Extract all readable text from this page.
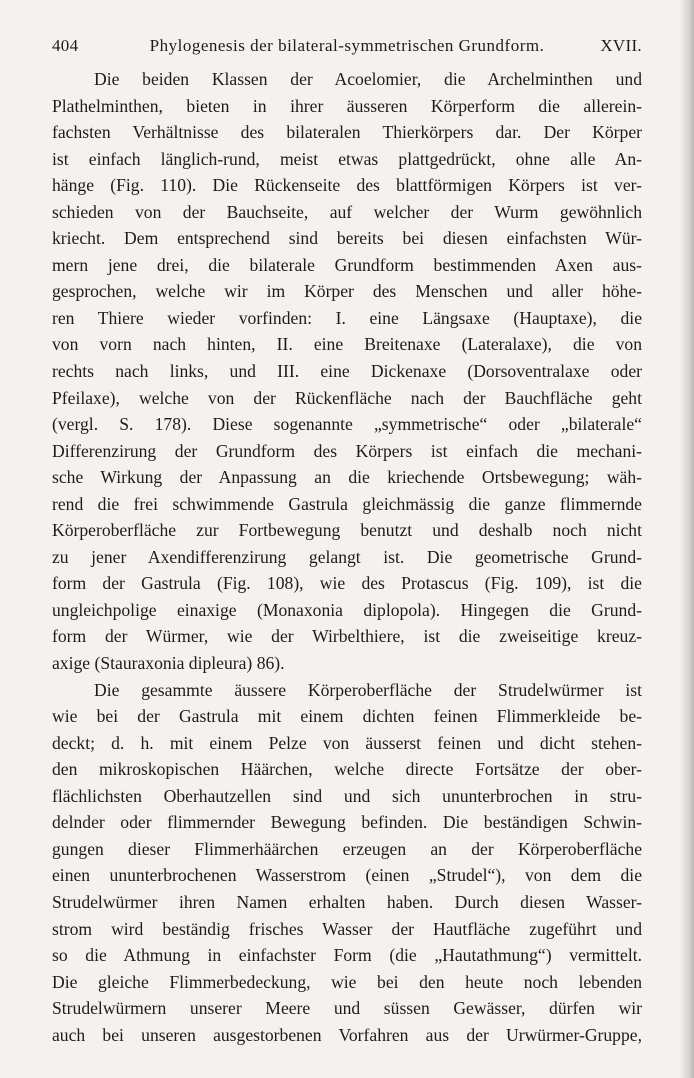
404	Phylogenesis der bilateral-symmetrischen Grundform.	XVII.
Die beiden Klassen der Acoelomier, die Archelminthen und
Plathelminthen, bieten in ihrer äusseren Körperform die allerein-
fachsten Verhältnisse des bilateralen Thierkörpers dar. Der Körper
ist einfach länglich-rund, meist etwas plattgedrückt, ohne alle An-
hänge (Fig. 110). Die Rückenseite des blattförmigen Körpers ist ver-
schieden von der Bauchseite, auf welcher der Wurm gewöhnlich
kriecht. Dem entsprechend sind bereits bei diesen einfachsten Wür-
mern jene drei, die bilaterale Grundform bestimmenden Axen aus-
gesprochen, welche wir im Körper des Menschen und aller höhe-
ren Thiere wieder vorfinden: I. eine Längsaxe (Hauptaxe), die
von vorn nach hinten, II. eine Breitenaxe (Lateralaxe), die von
rechts nach links, und III. eine Dickenaxe (Dorsoventralaxe oder
Pfeilaxe), welche von der Rückenfläche nach der Bauchfläche geht
(vergl. S. 178). Diese sogenannte „symmetrische“ oder „bilaterale“
Differenzirung der Grundform des Körpers ist einfach die mechani-
sche Wirkung der Anpassung an die kriechende Ortsbewegung; wäh-
rend die frei schwimmende Gastrula gleichmässig die ganze flimmernde
Körperoberfläche zur Fortbewegung benutzt und deshalb noch nicht
zu jener Axendifferenzirung gelangt ist. Die geometrische Grund-
form der Gastrula (Fig. 108), wie des Protascus (Fig. 109), ist die
ungleichpolige einaxige (Monaxonia diplopola). Hingegen die Grund-
form der Würmer, wie der Wirbelthiere, ist die zweiseitige kreuz-
axige (Stauraxonia dipleura) 86).
Die gesammte äussere Körperoberfläche der Strudelwürmer ist
wie bei der Gastrula mit einem dichten feinen Flimmerkleide be-
deckt; d. h. mit einem Pelze von äusserst feinen und dicht stehen-
den mikroskopischen Häärchen, welche directe Fortsätze der ober-
flächlichsten Oberhautzellen sind und sich ununterbrochen in stru-
delnder oder flimmernder Bewegung befinden. Die beständigen Schwin-
gungen dieser Flimmerhäärchen erzeugen an der Körperoberfläche
einen ununterbrochenen Wasserstrom (einen „Strudel“), von dem die
Strudelwürmer ihren Namen erhalten haben. Durch diesen Wasser-
strom wird beständig frisches Wasser der Hautfläche zugeführt und
so die Athmung in einfachster Form (die „Hautathmung“) vermittelt.
Die gleiche Flimmerbedeckung, wie bei den heute noch lebenden
Strudelwürmern unserer Meere und süssen Gewässer, dürfen wir
auch bei unseren ausgestorbenen Vorfahren aus der Urwürmer-Gruppe,
